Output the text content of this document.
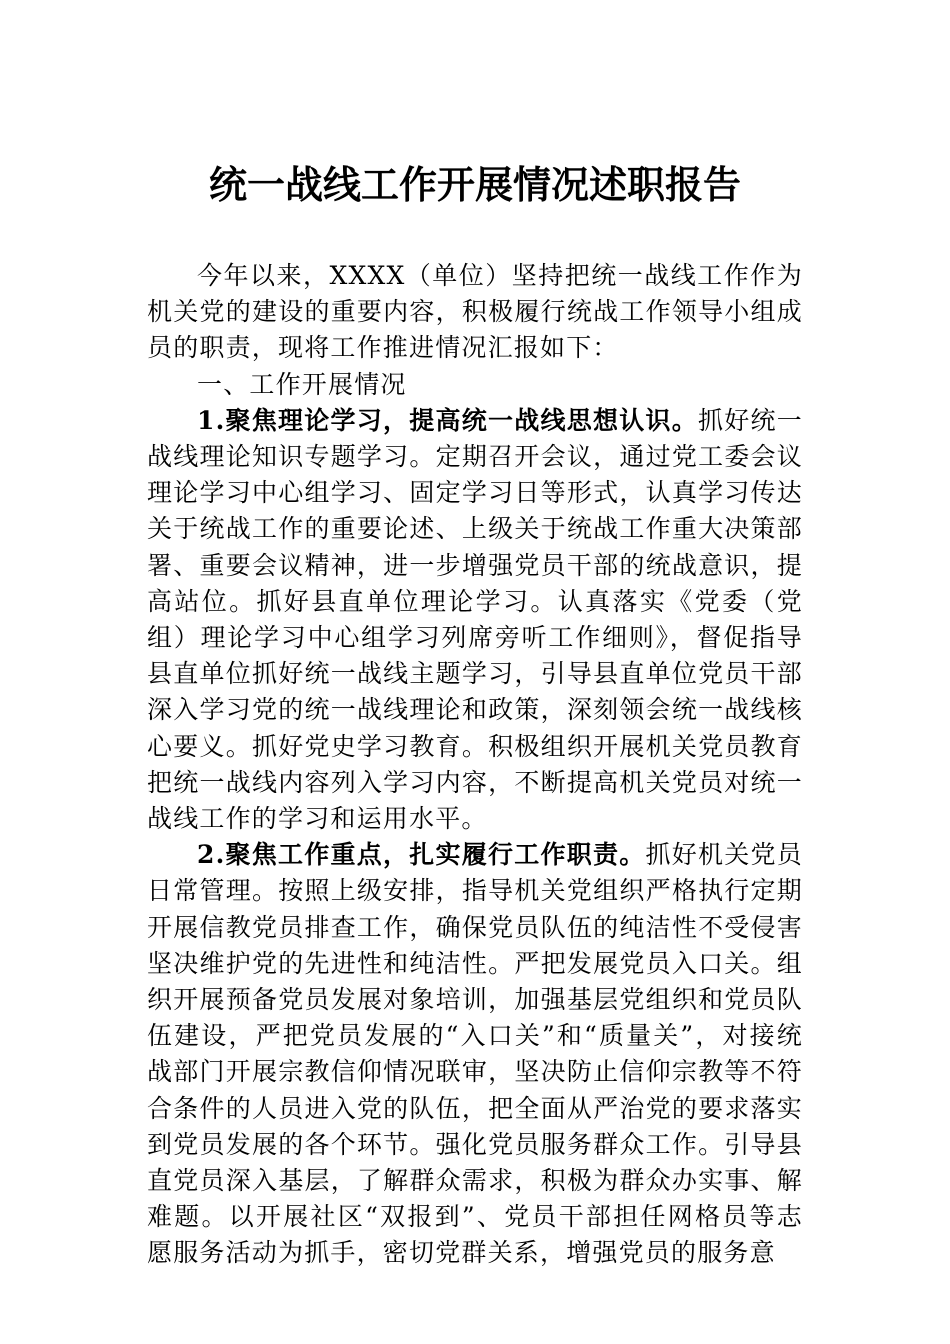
统一战线工作开展情况述职报告

今年以来，XXXX（单位）坚持把统一战线工作作为机关党的建设的重要内容，积极履行统战工作领导小组成员的职责，现将工作推进情况汇报如下：

一、工作开展情况

1.聚焦理论学习，提高统一战线思想认识。抓好统一战线理论知识专题学习。定期召开会议，通过党工委会议理论学习中心组学习、固定学习日等形式，认真学习传达关于统战工作的重要论述、上级关于统战工作重大决策部署、重要会议精神，进一步增强党员干部的统战意识，提高站位。抓好县直单位理论学习。认真落实《党委（党组）理论学习中心组学习列席旁听工作细则》，督促指导县直单位抓好统一战线主题学习，引导县直单位党员干部深入学习党的统一战线理论和政策，深刻领会统一战线核心要义。抓好党史学习教育。积极组织开展机关党员教育把统一战线内容列入学习内容，不断提高机关党员对统一战线工作的学习和运用水平。

2.聚焦工作重点，扎实履行工作职责。抓好机关党员日常管理。按照上级安排，指导机关党组织严格执行定期开展信教党员排查工作，确保党员队伍的纯洁性不受侵害坚决维护党的先进性和纯洁性。严把发展党员入口关。组织开展预备党员发展对象培训，加强基层党组织和党员队伍建设，严把党员发展的“入口关”和“质量关”，对接统战部门开展宗教信仰情况联审，坚决防止信仰宗教等不符合条件的人员进入党的队伍，把全面从严治党的要求落实到党员发展的各个环节。强化党员服务群众工作。引导县直党员深入基层，了解群众需求，积极为群众办实事、解难题。以开展社区“双报到”、党员干部担任网格员等志愿服务活动为抓手，密切党群关系，增强党员的服务意
